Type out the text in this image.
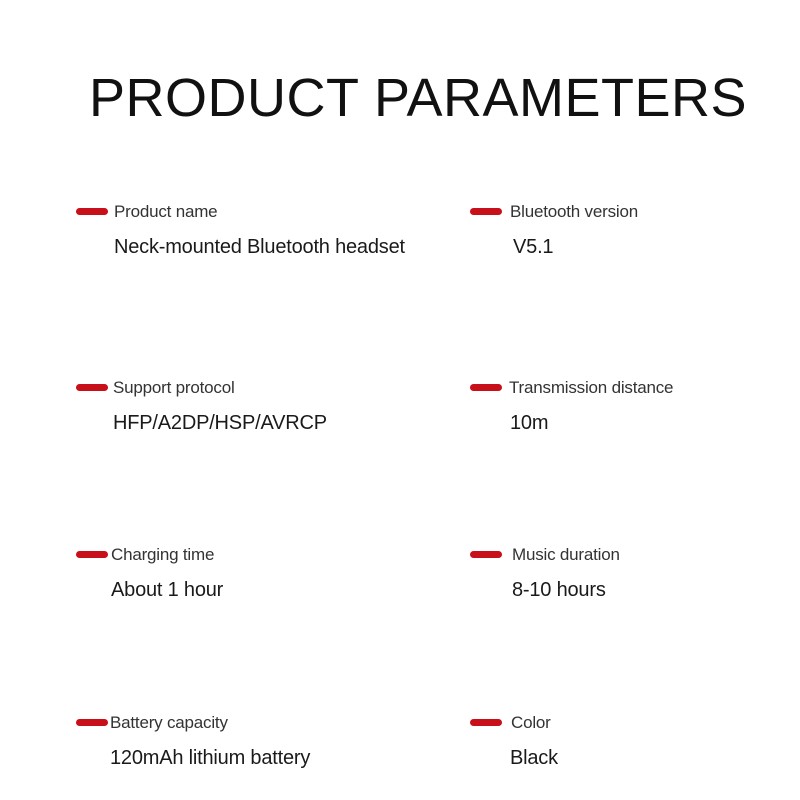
PRODUCT PARAMETERS
Product name
Neck-mounted Bluetooth headset
Bluetooth version
V5.1
Support protocol
HFP/A2DP/HSP/AVRCP
Transmission distance
10m
Charging time
About 1 hour
Music duration
8-10 hours
Battery capacity
120mAh lithium battery
Color
Black
